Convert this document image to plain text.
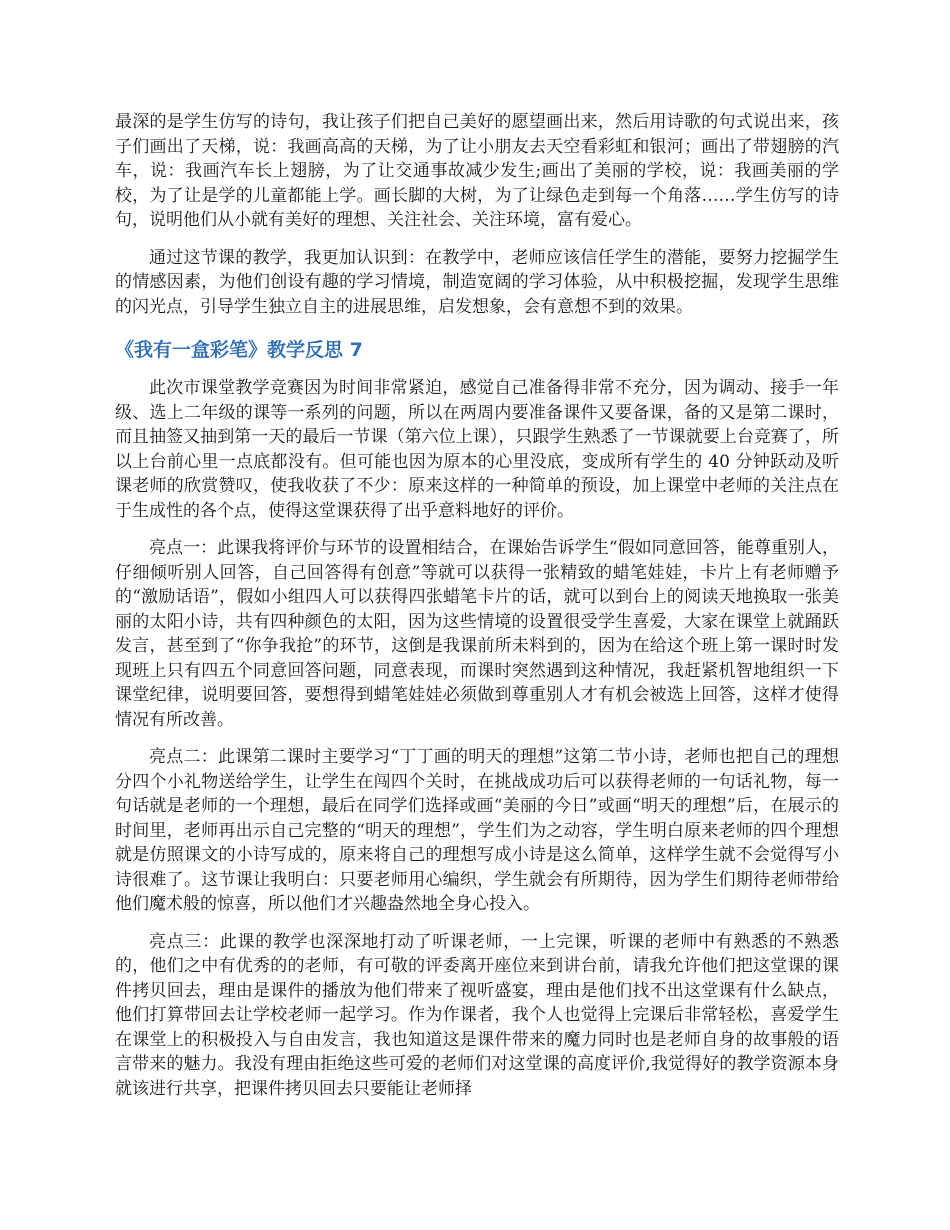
最深的是学生仿写的诗句，我让孩子们把自己美好的愿望画出来，然后用诗歌的句式说出来，孩子们画出了天梯，说：我画高高的天梯，为了让小朋友去天空看彩虹和银河；画出了带翅膀的汽车，说：我画汽车长上翅膀，为了让交通事故减少发生;画出了美丽的学校，说：我画美丽的学校，为了让是学的儿童都能上学。画长脚的大树，为了让绿色走到每一个角落……学生仿写的诗句，说明他们从小就有美好的理想、关注社会、关注环境，富有爱心。

通过这节课的教学，我更加认识到：在教学中，老师应该信任学生的潜能，要努力挖掘学生的情感因素，为他们创设有趣的学习情境，制造宽阔的学习体验，从中积极挖掘，发现学生思维的闪光点，引导学生独立自主的进展思维，启发想象，会有意想不到的效果。

《我有一盒彩笔》教学反思 7

此次市课堂教学竞赛因为时间非常紧迫，感觉自己准备得非常不充分，因为调动、接手一年级、选上二年级的课等一系列的问题，所以在两周内要准备课件又要备课，备的又是第二课时，而且抽签又抽到第一天的最后一节课（第六位上课），只跟学生熟悉了一节课就要上台竞赛了，所以上台前心里一点底都没有。但可能也因为原本的心里没底，变成所有学生的 40 分钟跃动及听课老师的欣赏赞叹，使我收获了不少：原来这样的一种简单的预设，加上课堂中老师的关注点在于生成性的各个点，使得这堂课获得了出乎意料地好的评价。

亮点一：此课我将评价与环节的设置相结合，在课始告诉学生“假如同意回答，能尊重别人，仔细倾听别人回答，自己回答得有创意”等就可以获得一张精致的蜡笔娃娃，卡片上有老师赠予的“激励话语”，假如小组四人可以获得四张蜡笔卡片的话，就可以到台上的阅读天地换取一张美丽的太阳小诗，共有四种颜色的太阳，因为这些情境的设置很受学生喜爱，大家在课堂上就踊跃发言，甚至到了“你争我抢”的环节，这倒是我课前所未料到的，因为在给这个班上第一课时时发现班上只有四五个同意回答问题，同意表现，而课时突然遇到这种情况，我赶紧机智地组织一下课堂纪律，说明要回答，要想得到蜡笔娃娃必须做到尊重别人才有机会被选上回答，这样才使得情况有所改善。

亮点二：此课第二课时主要学习“丁丁画的明天的理想”这第二节小诗，老师也把自己的理想分四个小礼物送给学生，让学生在闯四个关时，在挑战成功后可以获得老师的一句话礼物，每一句话就是老师的一个理想，最后在同学们选择或画“美丽的今日”或画“明天的理想”后，在展示的时间里，老师再出示自己完整的“明天的理想”，学生们为之动容，学生明白原来老师的四个理想就是仿照课文的小诗写成的，原来将自己的理想写成小诗是这么简单，这样学生就不会觉得写小诗很难了。这节课让我明白：只要老师用心编织，学生就会有所期待，因为学生们期待老师带给他们魔术般的惊喜，所以他们才兴趣盎然地全身心投入。

亮点三：此课的教学也深深地打动了听课老师，一上完课，听课的老师中有熟悉的不熟悉的，他们之中有优秀的的老师，有可敬的评委离开座位来到讲台前，请我允许他们把这堂课的课件拷贝回去，理由是课件的播放为他们带来了视听盛宴，理由是他们找不出这堂课有什么缺点，他们打算带回去让学校老师一起学习。作为作课者，我个人也觉得上完课后非常轻松，喜爱学生在课堂上的积极投入与自由发言，我也知道这是课件带来的魔力同时也是老师自身的故事般的语言带来的魅力。我没有理由拒绝这些可爱的老师们对这堂课的高度评价,我觉得好的教学资源本身就该进行共享，把课件拷贝回去只要能让老师择
